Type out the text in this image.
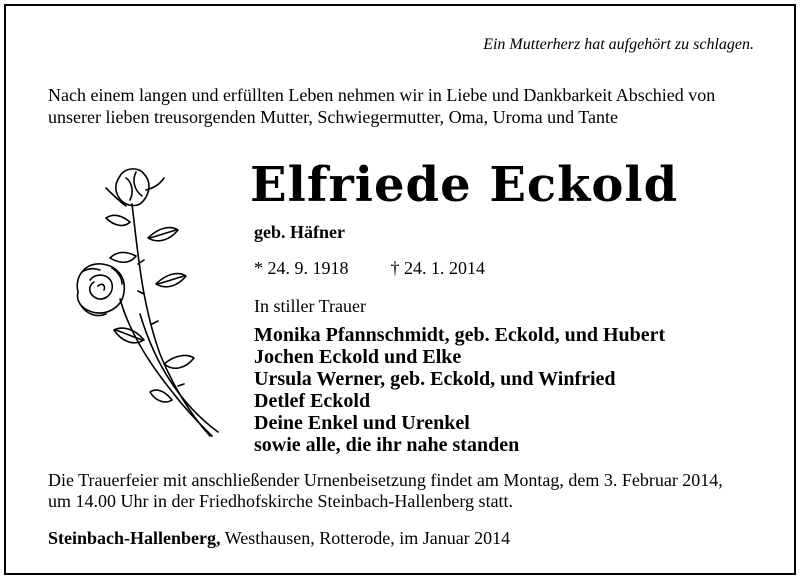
Ein Mutterherz hat aufgehört zu schlagen.
Nach einem langen und erfüllten Leben nehmen wir in Liebe und Dankbarkeit Abschied von
unserer lieben treusorgenden Mutter, Schwiegermutter, Oma, Uroma und Tante
Elfriede Eckold
geb. Häfner
* 24. 9. 1918 † 24. 1. 2014
In stiller Trauer
Monika Pfannschmidt, geb. Eckold, und Hubert
Jochen Eckold und Elke
Ursula Werner, geb. Eckold, und Winfried
Detlef Eckold
Deine Enkel und Urenkel
sowie alle, die ihr nahe standen
Die Trauerfeier mit anschließender Urnenbeisetzung findet am Montag, dem 3. Februar 2014,
um 14.00 Uhr in der Friedhofskirche Steinbach-Hallenberg statt.
Steinbach-Hallenberg, Westhausen, Rotterode, im Januar 2014
